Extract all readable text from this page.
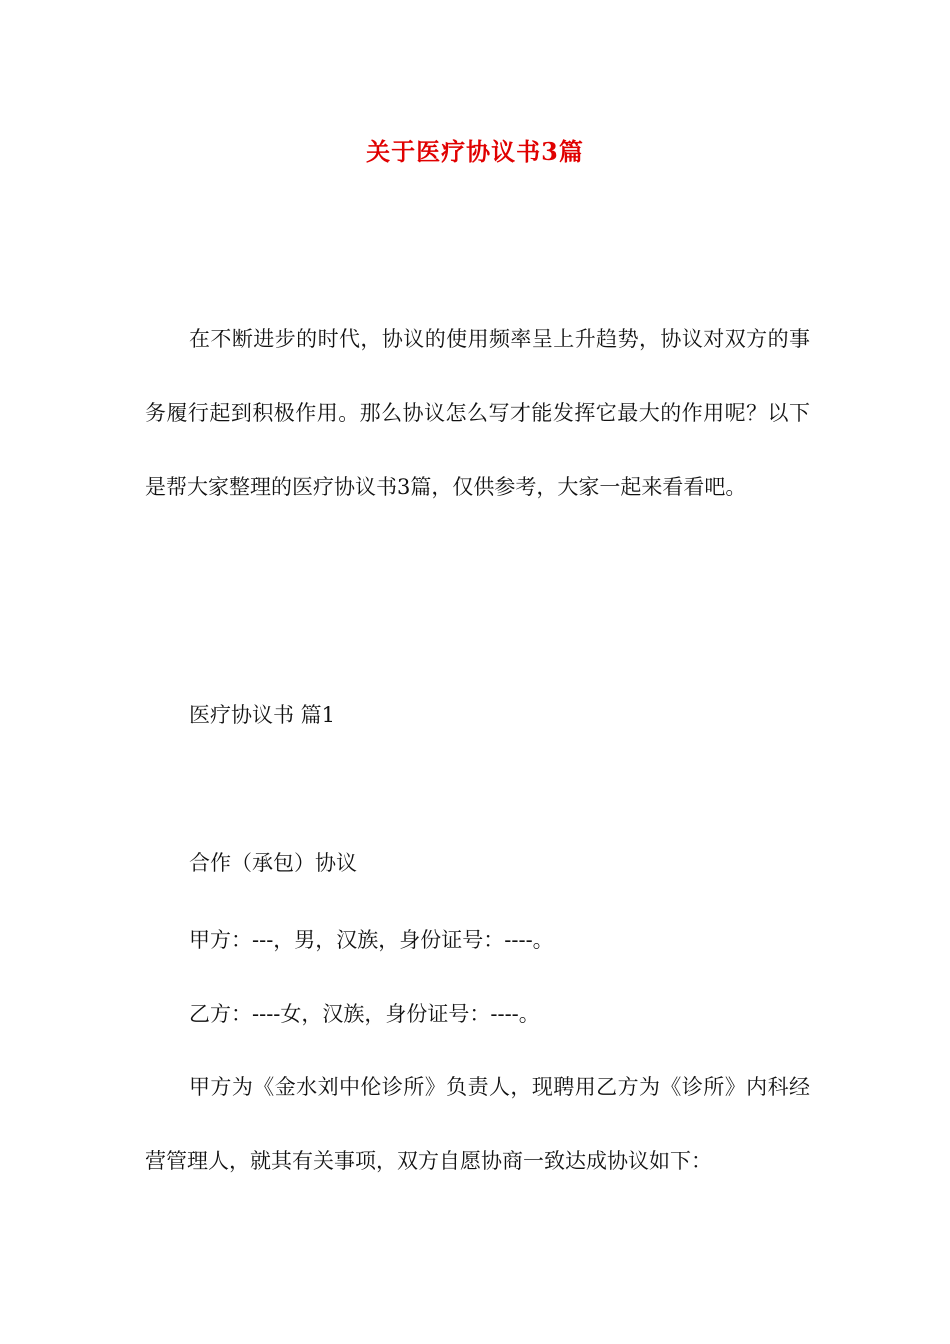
关于医疗协议书3篇

在不断进步的时代，协议的使用频率呈上升趋势，协议对双方的事务履行起到积极作用。那么协议怎么写才能发挥它最大的作用呢？以下是帮大家整理的医疗协议书3篇，仅供参考，大家一起来看看吧。

医疗协议书 篇1

合作（承包）协议

甲方：---，男，汉族，身份证号：----。

乙方：----女，汉族，身份证号：----。

甲方为《金水刘中伦诊所》负责人，现聘用乙方为《诊所》内科经营管理人，就其有关事项，双方自愿协商一致达成协议如下：
